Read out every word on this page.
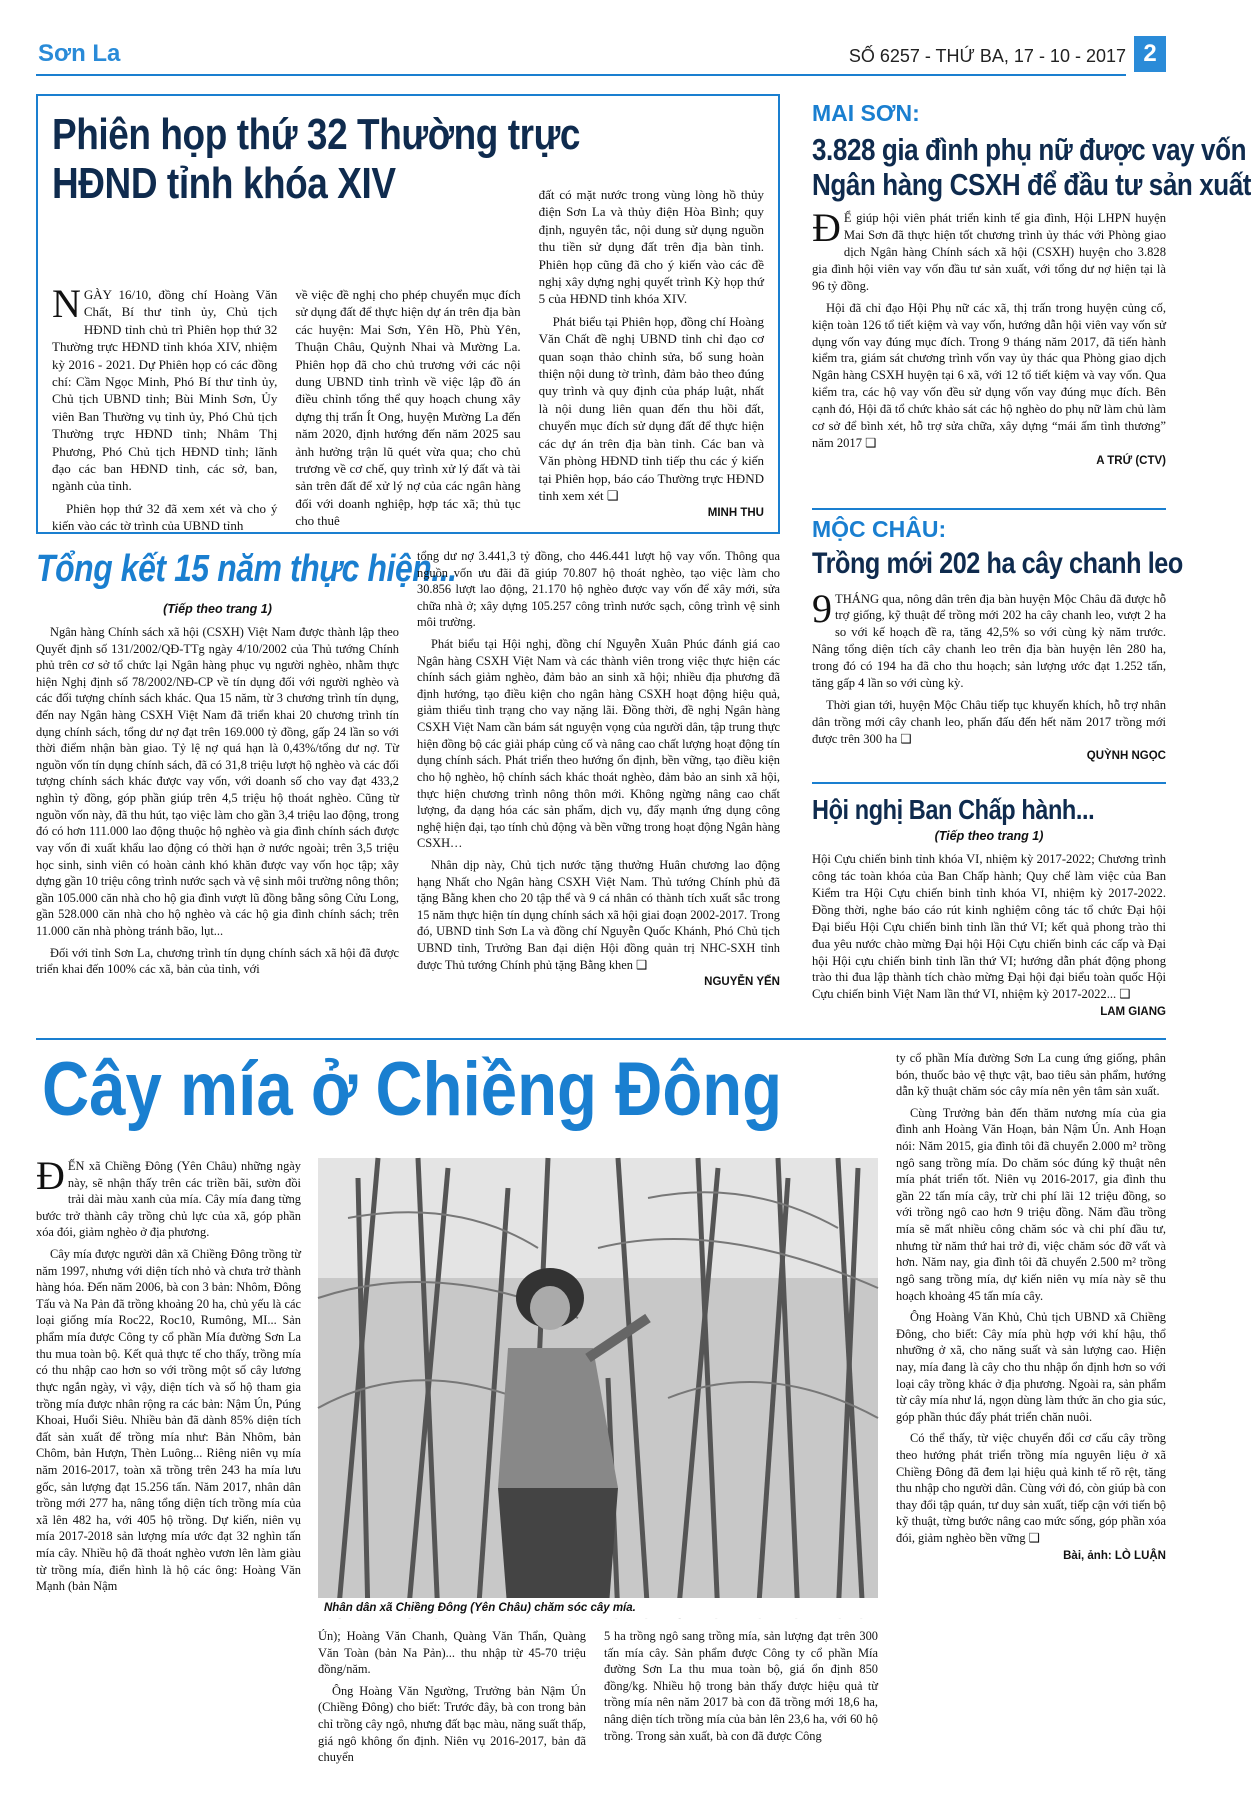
Sơn La	SỐ 6257 - THỨ BA, 17 - 10 - 2017 2
Phiên họp thứ 32 Thường trực
HĐND tỉnh khóa XIV

NGÀY 16/10, đồng chí Hoàng Văn Chất, Bí thư tỉnh ủy, Chủ tịch HĐND tỉnh chủ trì Phiên họp thứ 32 Thường trực HĐND tỉnh khóa XIV, nhiệm kỳ 2016 - 2021. Dự Phiên họp có các đồng chí: Cầm Ngọc Minh, Phó Bí thư tỉnh ủy, Chủ tịch UBND tỉnh; Bùi Minh Sơn, Ủy viên Ban Thường vụ tỉnh ủy, Phó Chủ tịch Thường trực HĐND tỉnh; Nhâm Thị Phương, Phó Chủ tịch HĐND tỉnh; lãnh đạo các ban HĐND tỉnh, các sở, ban, ngành của tỉnh.

Phiên họp thứ 32 đã xem xét và cho ý kiến vào các tờ trình của UBND tỉnh

về việc đề nghị cho phép chuyển mục đích sử dụng đất để thực hiện dự án trên địa bàn các huyện: Mai Sơn, Yên Hồ, Phù Yên, Thuận Châu, Quỳnh Nhai và Mường La. Phiên họp đã cho chủ trương với các nội dung UBND tỉnh trình về việc lập đồ án điều chỉnh tổng thể quy hoạch chung xây dựng thị trấn Ít Ong, huyện Mường La đến năm 2020, định hướng đến năm 2025 sau ảnh hưởng trận lũ quét vừa qua; cho chủ trương về cơ chế, quy trình xử lý đất và tài sản trên đất để xử lý nợ của các ngân hàng đối với doanh nghiệp, hợp tác xã; thủ tục cho thuê

đất có mặt nước trong vùng lòng hồ thủy điện Sơn La và thủy điện Hòa Bình; quy định, nguyên tắc, nội dung sử dụng nguồn thu tiền sử dụng đất trên địa bàn tỉnh. Phiên họp cũng đã cho ý kiến vào các đề nghị xây dựng nghị quyết trình Kỳ họp thứ 5 của HĐND tỉnh khóa XIV.

Phát biểu tại Phiên họp, đồng chí Hoàng Văn Chất đề nghị UBND tỉnh chỉ đạo cơ quan soạn thảo chỉnh sửa, bổ sung hoàn thiện nội dung tờ trình, đảm bảo theo đúng quy trình và quy định của pháp luật, nhất là nội dung liên quan đến thu hồi đất, chuyển mục đích sử dụng đất để thực hiện các dự án trên địa bàn tỉnh. Các ban và Văn phòng HĐND tỉnh tiếp thu các ý kiến tại Phiên họp, báo cáo Thường trực HĐND tỉnh xem xét ❑

MINH THU

MAI SƠN:
3.828 gia đình phụ nữ được vay vốn
Ngân hàng CSXH để đầu tư sản xuất

Đ Ể giúp hội viên phát triển kinh tế gia đình, Hội LHPN huyện Mai Sơn đã thực hiện tốt chương trình ủy thác với Phòng giao dịch Ngân hàng Chính sách xã hội (CSXH) huyện cho 3.828 gia đình hội viên vay vốn đầu tư sản xuất, với tổng dư nợ hiện tại là 96 tỷ đồng.

Hội đã chỉ đạo Hội Phụ nữ các xã, thị trấn trong huyện củng cố, kiện toàn 126 tổ tiết kiệm và vay vốn, hướng dẫn hội viên vay vốn sử dụng vốn vay đúng mục đích. Trong 9 tháng năm 2017, đã tiến hành kiểm tra, giám sát chương trình vốn vay ủy thác qua Phòng giao dịch Ngân hàng CSXH huyện tại 6 xã, với 12 tổ tiết kiệm và vay vốn. Qua kiểm tra, các hộ vay vốn đều sử dụng vốn vay đúng mục đích. Bên cạnh đó, Hội đã tổ chức khảo sát các hộ nghèo do phụ nữ làm chủ làm cơ sở để bình xét, hỗ trợ sửa chữa, xây dựng “mái ấm tình thương” năm 2017 ❑

A TRỨ (CTV)

MỘC CHÂU:
Trồng mới 202 ha cây chanh leo

9 THÁNG qua, nông dân trên địa bàn huyện Mộc Châu đã được hỗ trợ giống, kỹ thuật để trồng mới 202 ha cây chanh leo, vượt 2 ha so với kế hoạch đề ra, tăng 42,5% so với cùng kỳ năm trước. Nâng tổng diện tích cây chanh leo trên địa bàn huyện lên 280 ha, trong đó có 194 ha đã cho thu hoạch; sản lượng ước đạt 1.252 tấn, tăng gấp 4 lần so với cùng kỳ.

Thời gian tới, huyện Mộc Châu tiếp tục khuyến khích, hỗ trợ nhân dân trồng mới cây chanh leo, phấn đấu đến hết năm 2017 trồng mới được trên 300 ha ❑

QUỲNH NGỌC

Tổng kết 15 năm thực hiện...
(Tiếp theo trang 1)

Ngân hàng Chính sách xã hội (CSXH) Việt Nam được thành lập theo Quyết định số 131/2002/QĐ-TTg ngày 4/10/2002 của Thủ tướng Chính phủ trên cơ sở tổ chức lại Ngân hàng phục vụ người nghèo, nhằm thực hiện Nghị định số 78/2002/NĐ-CP về tín dụng đối với người nghèo và các đối tượng chính sách khác. Qua 15 năm, từ 3 chương trình tín dụng, đến nay Ngân hàng CSXH Việt Nam đã triển khai 20 chương trình tín dụng chính sách, tổng dư nợ đạt trên 169.000 tỷ đồng, gấp 24 lần so với thời điểm nhận bàn giao. Tỷ lệ nợ quá hạn là 0,43%/tổng dư nợ. Từ nguồn vốn tín dụng chính sách, đã có 31,8 triệu lượt hộ nghèo và các đối tượng chính sách khác được vay vốn, với doanh số cho vay đạt 433,2 nghìn tỷ đồng, góp phần giúp trên 4,5 triệu hộ thoát nghèo. Cũng từ nguồn vốn này, đã thu hút, tạo việc làm cho gần 3,4 triệu lao động, trong đó có hơn 111.000 lao động thuộc hộ nghèo và gia đình chính sách được vay vốn đi xuất khẩu lao động có thời hạn ở nước ngoài; trên 3,5 triệu học sinh, sinh viên có hoàn cảnh khó khăn được vay vốn học tập; xây dựng gần 10 triệu công trình nước sạch và vệ sinh môi trường nông thôn; gần 105.000 căn nhà cho hộ gia đình vượt lũ đồng bằng sông Cửu Long, gần 528.000 căn nhà cho hộ nghèo và các hộ gia đình chính sách; trên 11.000 căn nhà phòng tránh bão, lụt...

Đối với tỉnh Sơn La, chương trình tín dụng chính sách xã hội đã được triển khai đến 100% các xã, bản của tỉnh, với

tổng dư nợ 3.441,3 tỷ đồng, cho 446.441 lượt hộ vay vốn. Thông qua nguồn vốn ưu đãi đã giúp 70.807 hộ thoát nghèo, tạo việc làm cho 30.856 lượt lao động, 21.170 hộ nghèo được vay vốn để xây mới, sửa chữa nhà ở; xây dựng 105.257 công trình nước sạch, công trình vệ sinh môi trường.

Phát biểu tại Hội nghị, đồng chí Nguyễn Xuân Phúc đánh giá cao Ngân hàng CSXH Việt Nam và các thành viên trong việc thực hiện các chính sách giảm nghèo, đảm bảo an sinh xã hội; nhiều địa phương đã định hướng, tạo điều kiện cho ngân hàng CSXH hoạt động hiệu quả, giảm thiểu tình trạng cho vay nặng lãi. Đồng thời, đề nghị Ngân hàng CSXH Việt Nam cần bám sát nguyện vọng của người dân, tập trung thực hiện đồng bộ các giải pháp củng cố và nâng cao chất lượng hoạt động tín dụng chính sách. Phát triển theo hướng ổn định, bền vững, tạo điều kiện cho hộ nghèo, hộ chính sách khác thoát nghèo, đảm bảo an sinh xã hội, thực hiện chương trình nông thôn mới. Không ngừng nâng cao chất lượng, đa dạng hóa các sản phẩm, dịch vụ, đẩy mạnh ứng dụng công nghệ hiện đại, tạo tính chủ động và bền vững trong hoạt động Ngân hàng CSXH…

Nhân dịp này, Chủ tịch nước tặng thưởng Huân chương lao động hạng Nhất cho Ngân hàng CSXH Việt Nam. Thủ tướng Chính phủ đã tặng Bằng khen cho 20 tập thể và 9 cá nhân có thành tích xuất sắc trong 15 năm thực hiện tín dụng chính sách xã hội giai đoạn 2002-2017. Trong đó, UBND tỉnh Sơn La và đồng chí Nguyễn Quốc Khánh, Phó Chủ tịch UBND tỉnh, Trưởng Ban đại diện Hội đồng quản trị NHC-SXH tỉnh được Thủ tướng Chính phủ tặng Bằng khen ❑

NGUYỄN YẾN

Hội nghị Ban Chấp hành...
(Tiếp theo trang 1)

Hội Cựu chiến binh tỉnh khóa VI, nhiệm kỳ 2017-2022; Chương trình công tác toàn khóa của Ban Chấp hành; Quy chế làm việc của Ban Kiểm tra Hội Cựu chiến binh tỉnh khóa VI, nhiệm kỳ 2017-2022. Đồng thời, nghe báo cáo rút kinh nghiệm công tác tổ chức Đại hội Đại biểu Hội Cựu chiến binh tỉnh lần thứ VI; kết quả phong trào thi đua yêu nước chào mừng Đại hội Hội Cựu chiến binh các cấp và Đại hội Hội cựu chiến binh tỉnh lần thứ VI; hướng dẫn phát động phong trào thi đua lập thành tích chào mừng Đại hội đại biểu toàn quốc Hội Cựu chiến binh Việt Nam lần thứ VI, nhiệm kỳ 2017-2022... ❑

LAM GIANG

Cây mía ở Chiềng Đông

ĐẾN xã Chiềng Đông (Yên Châu) những ngày này, sẽ nhận thấy trên các triền bãi, sườn đồi trải dài màu xanh của mía. Cây mía đang từng bước trở thành cây trồng chủ lực của xã, góp phần xóa đói, giảm nghèo ở địa phương.

Cây mía được người dân xã Chiềng Đông trồng từ năm 1997, nhưng với diện tích nhỏ và chưa trở thành hàng hóa. Đến năm 2006, bà con 3 bản: Nhôm, Đông Tấu và Na Pản đã trồng khoảng 20 ha, chủ yếu là các loại giống mía Roc22, Roc10, Rumông, MI... Sản phẩm mía được Công ty cổ phần Mía đường Sơn La thu mua toàn bộ. Kết quả thực tế cho thấy, trồng mía có thu nhập cao hơn so với trồng một số cây lương thực ngắn ngày, vì vậy, diện tích và số hộ tham gia trồng mía được nhân rộng ra các bản: Nậm Ún, Púng Khoai, Huổi Siêu. Nhiều bản đã dành 85% diện tích đất sản xuất để trồng mía như: Bản Nhôm, bản Chôm, bản Hượn, Thèn Luông... Riêng niên vụ mía năm 2016-2017, toàn xã trồng trên 243 ha mía lưu gốc, sản lượng đạt 15.256 tấn. Năm 2017, nhân dân trồng mới 277 ha, nâng tổng diện tích trồng mía của xã lên 482 ha, với 405 hộ trồng. Dự kiến, niên vụ mía 2017-2018 sản lượng mía ước đạt 32 nghìn tấn mía cây. Nhiều hộ đã thoát nghèo vươn lên làm giàu từ trồng mía, điển hình là hộ các ông: Hoàng Văn Mạnh (bản Nậm

Nhân dân xã Chiềng Đông (Yên Châu) chăm sóc cây mía.

Ún); Hoàng Văn Chanh, Quàng Văn Thẩn, Quàng Văn Toàn (bản Na Pản)... thu nhập từ 45-70 triệu đồng/năm.

Ông Hoàng Văn Ngường, Trưởng bản Nậm Ún (Chiềng Đông) cho biết: Trước đây, bà con trong bản chỉ trồng cây ngô, nhưng đất bạc màu, năng suất thấp, giá ngô không ổn định. Niên vụ 2016-2017, bản đã chuyển

5 ha trồng ngô sang trồng mía, sản lượng đạt trên 300 tấn mía cây. Sản phẩm được Công ty cổ phần Mía đường Sơn La thu mua toàn bộ, giá ổn định 850 đồng/kg. Nhiều hộ trong bản thấy được hiệu quả từ trồng mía nên năm 2017 bà con đã trồng mới 18,6 ha, nâng diện tích trồng mía của bản lên 23,6 ha, với 60 hộ trồng. Trong sản xuất, bà con đã được Công

ty cổ phần Mía đường Sơn La cung ứng giống, phân bón, thuốc bảo vệ thực vật, bao tiêu sản phẩm, hướng dẫn kỹ thuật chăm sóc cây mía nên yên tâm sản xuất.

Cùng Trưởng bản đến thăm nương mía của gia đình anh Hoàng Văn Hoạn, bản Nậm Ún. Anh Hoạn nói: Năm 2015, gia đình tôi đã chuyển 2.000 m² trồng ngô sang trồng mía. Do chăm sóc đúng kỹ thuật nên mía phát triển tốt. Niên vụ 2016-2017, gia đình thu gần 22 tấn mía cây, trừ chi phí lãi 12 triệu đồng, so với trồng ngô cao hơn 9 triệu đồng. Năm đầu trồng mía sẽ mất nhiều công chăm sóc và chi phí đầu tư, nhưng từ năm thứ hai trở đi, việc chăm sóc đỡ vất và hơn. Năm nay, gia đình tôi đã chuyển 2.500 m² trồng ngô sang trồng mía, dự kiến niên vụ mía này sẽ thu hoạch khoảng 45 tấn mía cây.

Ông Hoàng Văn Khủ, Chủ tịch UBND xã Chiềng Đông, cho biết: Cây mía phù hợp với khí hậu, thổ nhưỡng ở xã, cho năng suất và sản lượng cao. Hiện nay, mía đang là cây cho thu nhập ổn định hơn so với loại cây trồng khác ở địa phương. Ngoài ra, sản phẩm từ cây mía như lá, ngọn dùng làm thức ăn cho gia súc, góp phần thúc đẩy phát triển chăn nuôi.

Có thể thấy, từ việc chuyển đổi cơ cấu cây trồng theo hướng phát triển trồng mía nguyên liệu ở xã Chiềng Đông đã đem lại hiệu quả kinh tế rõ rệt, tăng thu nhập cho người dân. Cùng với đó, còn giúp bà con thay đổi tập quán, tư duy sản xuất, tiếp cận với tiến bộ kỹ thuật, từng bước nâng cao mức sống, góp phần xóa đói, giảm nghèo bền vững ❑

Bài, ảnh: LÒ LUẬN
